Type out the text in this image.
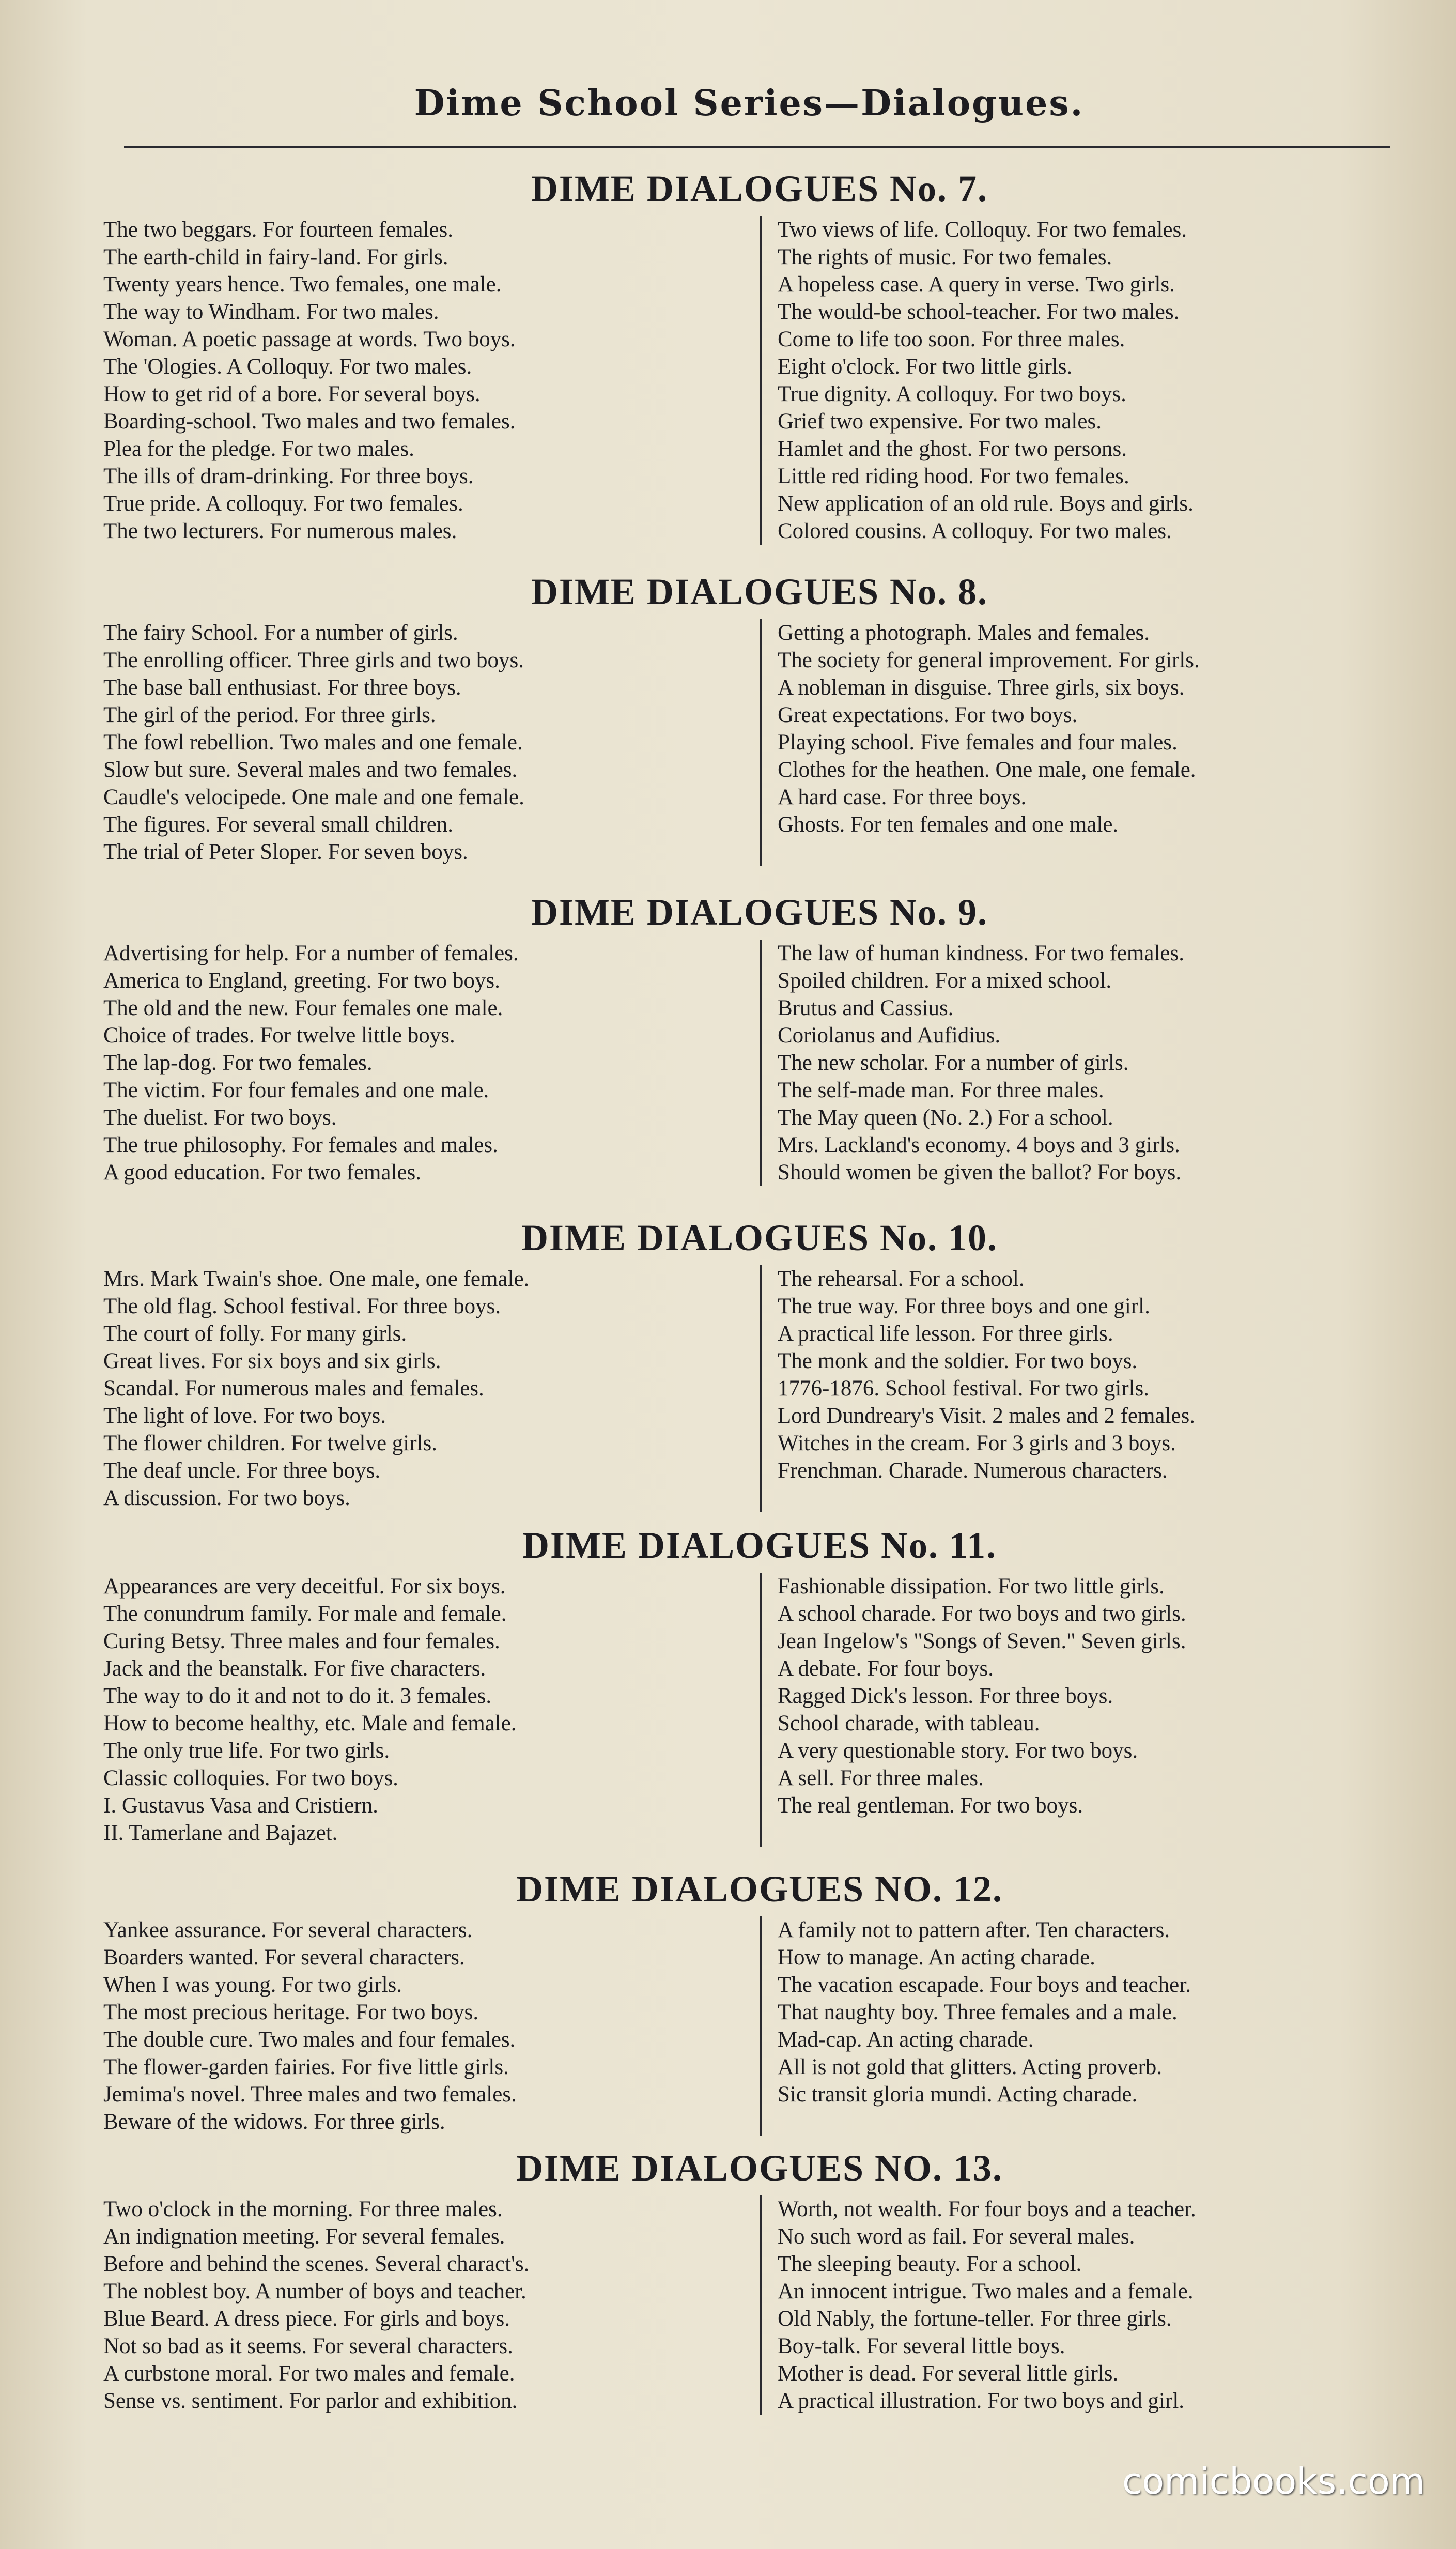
Dime School Series—Dialogues.
DIME DIALOGUES No. 7.
The two beggars. For fourteen females.
The earth-child in fairy-land. For girls.
Twenty years hence. Two females, one male.
The way to Windham. For two males.
Woman. A poetic passage at words. Two boys.
The 'Ologies. A Colloquy. For two males.
How to get rid of a bore. For several boys.
Boarding-school. Two males and two females.
Plea for the pledge. For two males.
The ills of dram-drinking. For three boys.
True pride. A colloquy. For two females.
The two lecturers. For numerous males.
Two views of life. Colloquy. For two females.
The rights of music. For two females.
A hopeless case. A query in verse. Two girls.
The would-be school-teacher. For two males.
Come to life too soon. For three males.
Eight o'clock. For two little girls.
True dignity. A colloquy. For two boys.
Grief two expensive. For two males.
Hamlet and the ghost. For two persons.
Little red riding hood. For two females.
New application of an old rule. Boys and girls.
Colored cousins. A colloquy. For two males.
DIME DIALOGUES No. 8.
The fairy School. For a number of girls.
The enrolling officer. Three girls and two boys.
The base ball enthusiast. For three boys.
The girl of the period. For three girls.
The fowl rebellion. Two males and one female.
Slow but sure. Several males and two females.
Caudle's velocipede. One male and one female.
The figures. For several small children.
The trial of Peter Sloper. For seven boys.
Getting a photograph. Males and females.
The society for general improvement. For girls.
A nobleman in disguise. Three girls, six boys.
Great expectations. For two boys.
Playing school. Five females and four males.
Clothes for the heathen. One male, one female.
A hard case. For three boys.
Ghosts. For ten females and one male.
DIME DIALOGUES No. 9.
Advertising for help. For a number of females.
America to England, greeting. For two boys.
The old and the new. Four females one male.
Choice of trades. For twelve little boys.
The lap-dog. For two females.
The victim. For four females and one male.
The duelist. For two boys.
The true philosophy. For females and males.
A good education. For two females.
The law of human kindness. For two females.
Spoiled children. For a mixed school.
Brutus and Cassius.
Coriolanus and Aufidius.
The new scholar. For a number of girls.
The self-made man. For three males.
The May queen (No. 2.) For a school.
Mrs. Lackland's economy. 4 boys and 3 girls.
Should women be given the ballot? For boys.
DIME DIALOGUES No. 10.
Mrs. Mark Twain's shoe. One male, one female.
The old flag. School festival. For three boys.
The court of folly. For many girls.
Great lives. For six boys and six girls.
Scandal. For numerous males and females.
The light of love. For two boys.
The flower children. For twelve girls.
The deaf uncle. For three boys.
A discussion. For two boys.
The rehearsal. For a school.
The true way. For three boys and one girl.
A practical life lesson. For three girls.
The monk and the soldier. For two boys.
1776-1876. School festival. For two girls.
Lord Dundreary's Visit. 2 males and 2 females.
Witches in the cream. For 3 girls and 3 boys.
Frenchman. Charade. Numerous characters.
DIME DIALOGUES No. 11.
Appearances are very deceitful. For six boys.
The conundrum family. For male and female.
Curing Betsy. Three males and four females.
Jack and the beanstalk. For five characters.
The way to do it and not to do it. 3 females.
How to become healthy, etc. Male and female.
The only true life. For two girls.
Classic colloquies. For two boys.
I. Gustavus Vasa and Cristiern.
II. Tamerlane and Bajazet.
Fashionable dissipation. For two little girls.
A school charade. For two boys and two girls.
Jean Ingelow's "Songs of Seven." Seven girls.
A debate. For four boys.
Ragged Dick's lesson. For three boys.
School charade, with tableau.
A very questionable story. For two boys.
A sell. For three males.
The real gentleman. For two boys.
DIME DIALOGUES NO. 12.
Yankee assurance. For several characters.
Boarders wanted. For several characters.
When I was young. For two girls.
The most precious heritage. For two boys.
The double cure. Two males and four females.
The flower-garden fairies. For five little girls.
Jemima's novel. Three males and two females.
Beware of the widows. For three girls.
A family not to pattern after. Ten characters.
How to manage. An acting charade.
The vacation escapade. Four boys and teacher.
That naughty boy. Three females and a male.
Mad-cap. An acting charade.
All is not gold that glitters. Acting proverb.
Sic transit gloria mundi. Acting charade.
DIME DIALOGUES NO. 13.
Two o'clock in the morning. For three males.
An indignation meeting. For several females.
Before and behind the scenes. Several charact's.
The noblest boy. A number of boys and teacher.
Blue Beard. A dress piece. For girls and boys.
Not so bad as it seems. For several characters.
A curbstone moral. For two males and female.
Sense vs. sentiment. For parlor and exhibition.
Worth, not wealth. For four boys and a teacher.
No such word as fail. For several males.
The sleeping beauty. For a school.
An innocent intrigue. Two males and a female.
Old Nably, the fortune-teller. For three girls.
Boy-talk. For several little boys.
Mother is dead. For several little girls.
A practical illustration. For two boys and girl.
comicbooks.com
